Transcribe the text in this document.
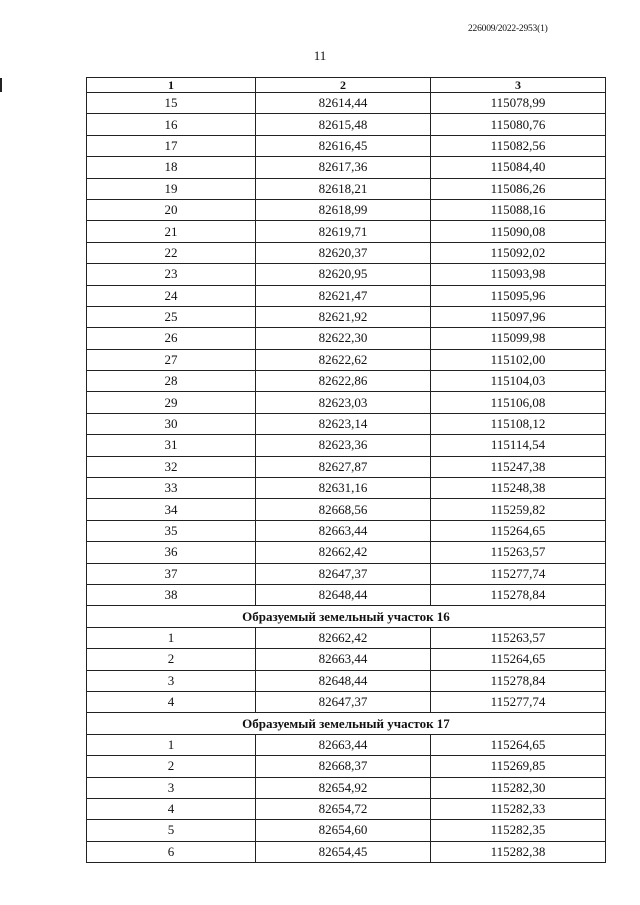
226009/2022-2953(1)
11
1	2	3
15	82614,44	115078,99
16	82615,48	115080,76
17	82616,45	115082,56
18	82617,36	115084,40
19	82618,21	115086,26
20	82618,99	115088,16
21	82619,71	115090,08
22	82620,37	115092,02
23	82620,95	115093,98
24	82621,47	115095,96
25	82621,92	115097,96
26	82622,30	115099,98
27	82622,62	115102,00
28	82622,86	115104,03
29	82623,03	115106,08
30	82623,14	115108,12
31	82623,36	115114,54
32	82627,87	115247,38
33	82631,16	115248,38
34	82668,56	115259,82
35	82663,44	115264,65
36	82662,42	115263,57
37	82647,37	115277,74
38	82648,44	115278,84
Образуемый земельный участок 16		
1	82662,42	115263,57
2	82663,44	115264,65
3	82648,44	115278,84
4	82647,37	115277,74
Образуемый земельный участок 17		
1	82663,44	115264,65
2	82668,37	115269,85
3	82654,92	115282,30
4	82654,72	115282,33
5	82654,60	115282,35
6	82654,45	115282,38
